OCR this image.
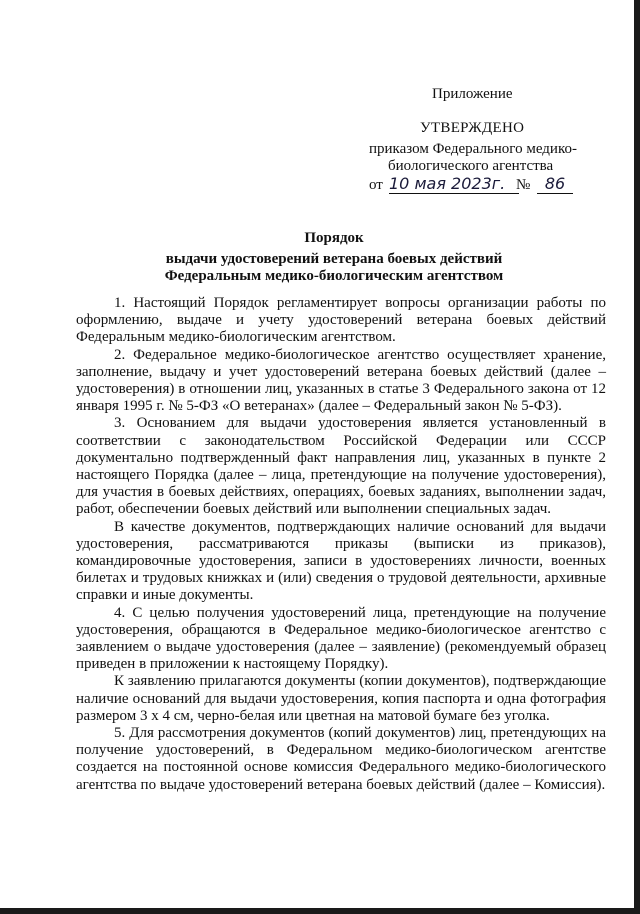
Приложение
УТВЕРЖДЕНО
приказом Федерального медико-
биологического агентства
от 10 мая 2023г. № 86
Порядок
выдачи удостоверений ветерана боевых действий
Федеральным медико-биологическим агентством

1. Настоящий Порядок регламентирует вопросы организации работы по оформлению, выдаче и учету удостоверений ветерана боевых действий Федеральным медико-биологическим агентством.

2. Федеральное медико-биологическое агентство осуществляет хранение, заполнение, выдачу и учет удостоверений ветерана боевых действий (далее – удостоверения) в отношении лиц, указанных в статье 3 Федерального закона от 12 января 1995 г. № 5-ФЗ «О ветеранах» (далее – Федеральный закон № 5-ФЗ).

3. Основанием для выдачи удостоверения является установленный в соответствии с законодательством Российской Федерации или СССР документально подтвержденный факт направления лиц, указанных в пункте 2 настоящего Порядка (далее – лица, претендующие на получение удостоверения), для участия в боевых действиях, операциях, боевых заданиях, выполнении задач, работ, обеспечении боевых действий или выполнении специальных задач.

В качестве документов, подтверждающих наличие оснований для выдачи удостоверения, рассматриваются приказы (выписки из приказов), командировочные удостоверения, записи в удостоверениях личности, военных билетах и трудовых книжках и (или) сведения о трудовой деятельности, архивные справки и иные документы.

4. С целью получения удостоверений лица, претендующие на получение удостоверения, обращаются в Федеральное медико-биологическое агентство с заявлением о выдаче удостоверения (далее – заявление) (рекомендуемый образец приведен в приложении к настоящему Порядку).

К заявлению прилагаются документы (копии документов), подтверждающие наличие оснований для выдачи удостоверения, копия паспорта и одна фотография размером 3 х 4 см, черно-белая или цветная на матовой бумаге без уголка.

5. Для рассмотрения документов (копий документов) лиц, претендующих на получение удостоверений, в Федеральном медико-биологическом агентстве создается на постоянной основе комиссия Федерального медико-биологического агентства по выдаче удостоверений ветерана боевых действий (далее – Комиссия).
